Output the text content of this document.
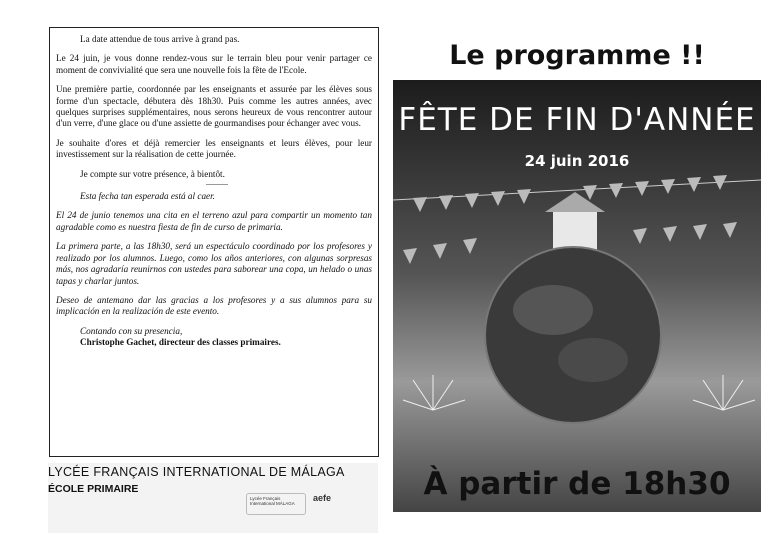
La date attendue de tous arrive à grand pas.

Le 24 juin, je vous donne rendez-vous sur le terrain bleu pour venir partager ce moment de convivialité que sera une nouvelle fois la fête de l'Ecole.

Une première partie, coordonnée par les enseignants et assurée par les élèves sous forme d'un spectacle, débutera dès 18h30. Puis comme les autres années, avec quelques surprises supplémentaires, nous serons heureux de vous rencontrer autour d'un verre, d'une glace ou d'une assiette de gourmandises pour échanger avec vous.

Je souhaite d'ores et déjà remercier les enseignants et leurs élèves, pour leur investissement sur la réalisation de cette journée.

Je compte sur votre présence, à bientôt.

Esta fecha tan esperada está al caer.

El 24 de junio tenemos una cita en el terreno azul para compartir un momento tan agradable como es nuestra fiesta de fin de curso de primaria.

La primera parte, a las 18h30, será un espectáculo coordinado por los profesores y realizado por los alumnos. Luego, como los años anteriores, con algunas sorpresas más, nos agradaría reunirnos con ustedes para saborear una copa, un helado o unas tapas y charlar juntos.

Deseo de antemano dar las gracias a los profesores y a sus alumnos para su implicación en la realización de este evento.

Contando con su presencia,
Christophe Gachet, directeur des classes primaires.
LYCÉE FRANÇAIS INTERNATIONAL DE MÁLAGA
ÉCOLE PRIMAIRE
Lycée Français International MÁLAGA
aefe
Le programme !!
FÊTE DE FIN D'ANNÉE
24 juin 2016
À partir de 18h30
